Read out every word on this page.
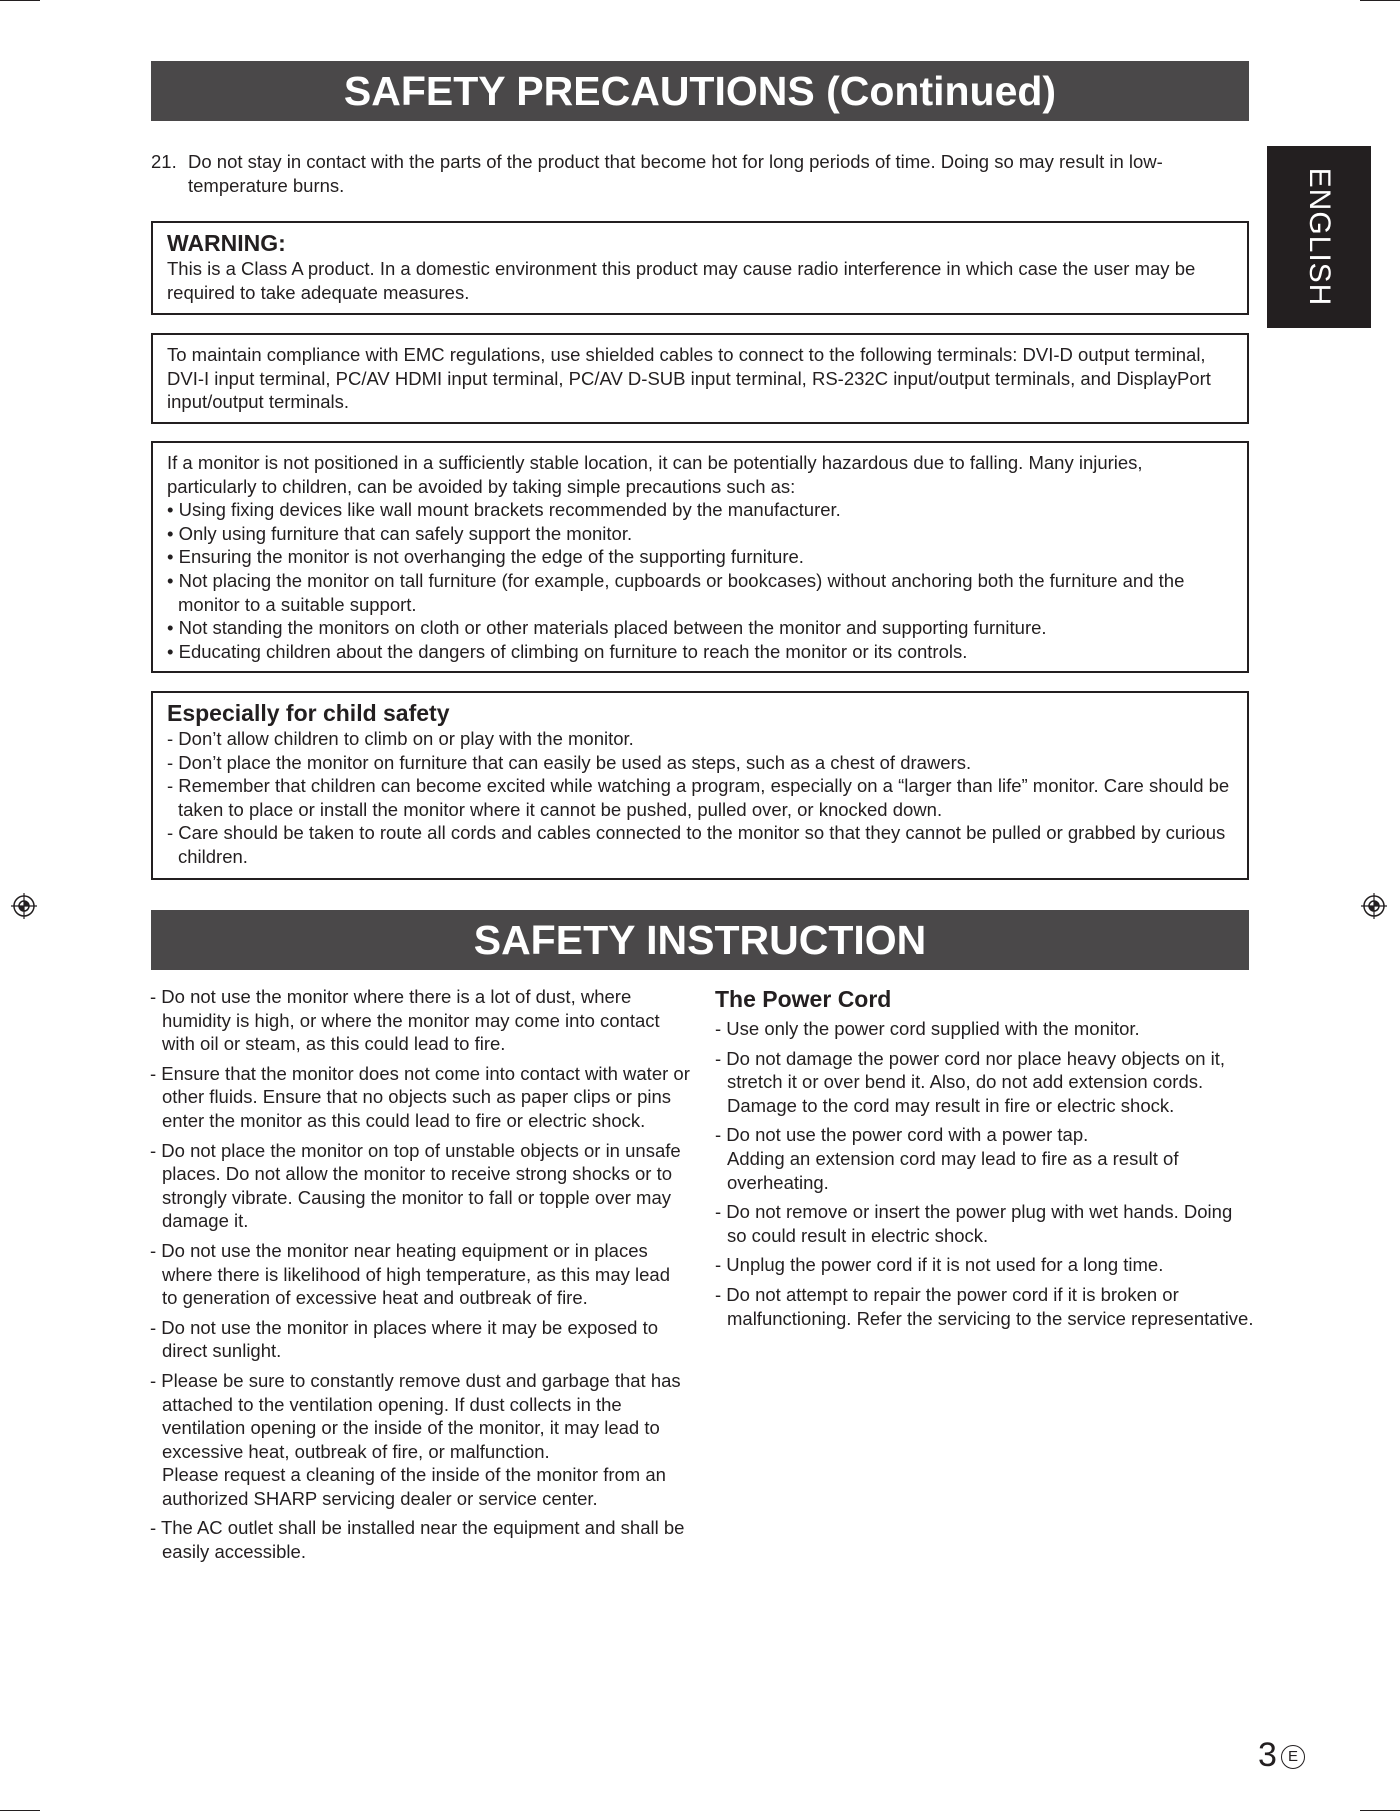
SAFETY PRECAUTIONS (Continued)
ENGLISH
21. Do not stay in contact with the parts of the product that become hot for long periods of time. Doing so may result in low-temperature burns.
WARNING:
This is a Class A product. In a domestic environment this product may cause radio interference in which case the user may be required to take adequate measures.
To maintain compliance with EMC regulations, use shielded cables to connect to the following terminals: DVI-D output terminal, DVI-I input terminal, PC/AV HDMI input terminal, PC/AV D-SUB input terminal, RS-232C input/output terminals, and DisplayPort input/output terminals.
If a monitor is not positioned in a sufficiently stable location, it can be potentially hazardous due to falling. Many injuries, particularly to children, can be avoided by taking simple precautions such as:
• Using fixing devices like wall mount brackets recommended by the manufacturer.
• Only using furniture that can safely support the monitor.
• Ensuring the monitor is not overhanging the edge of the supporting furniture.
• Not placing the monitor on tall furniture (for example, cupboards or bookcases) without anchoring both the furniture and the monitor to a suitable support.
• Not standing the monitors on cloth or other materials placed between the monitor and supporting furniture.
• Educating children about the dangers of climbing on furniture to reach the monitor or its controls.
Especially for child safety
- Don’t allow children to climb on or play with the monitor.
- Don’t place the monitor on furniture that can easily be used as steps, such as a chest of drawers.
- Remember that children can become excited while watching a program, especially on a “larger than life” monitor. Care should be taken to place or install the monitor where it cannot be pushed, pulled over, or knocked down.
- Care should be taken to route all cords and cables connected to the monitor so that they cannot be pulled or grabbed by curious children.
SAFETY INSTRUCTION
- Do not use the monitor where there is a lot of dust, where humidity is high, or where the monitor may come into contact with oil or steam, as this could lead to fire.
- Ensure that the monitor does not come into contact with water or other fluids. Ensure that no objects such as paper clips or pins enter the monitor as this could lead to fire or electric shock.
- Do not place the monitor on top of unstable objects or in unsafe places. Do not allow the monitor to receive strong shocks or to strongly vibrate. Causing the monitor to fall or topple over may damage it.
- Do not use the monitor near heating equipment or in places where there is likelihood of high temperature, as this may lead to generation of excessive heat and outbreak of fire.
- Do not use the monitor in places where it may be exposed to direct sunlight.
- Please be sure to constantly remove dust and garbage that has attached to the ventilation opening. If dust collects in the ventilation opening or the inside of the monitor, it may lead to excessive heat, outbreak of fire, or malfunction.
Please request a cleaning of the inside of the monitor from an authorized SHARP servicing dealer or service center.
- The AC outlet shall be installed near the equipment and shall be easily accessible.
The Power Cord
- Use only the power cord supplied with the monitor.
- Do not damage the power cord nor place heavy objects on it, stretch it or over bend it. Also, do not add extension cords. Damage to the cord may result in fire or electric shock.
- Do not use the power cord with a power tap.
Adding an extension cord may lead to fire as a result of overheating.
- Do not remove or insert the power plug with wet hands. Doing so could result in electric shock.
- Unplug the power cord if it is not used for a long time.
- Do not attempt to repair the power cord if it is broken or malfunctioning. Refer the servicing to the service representative.
3 E
